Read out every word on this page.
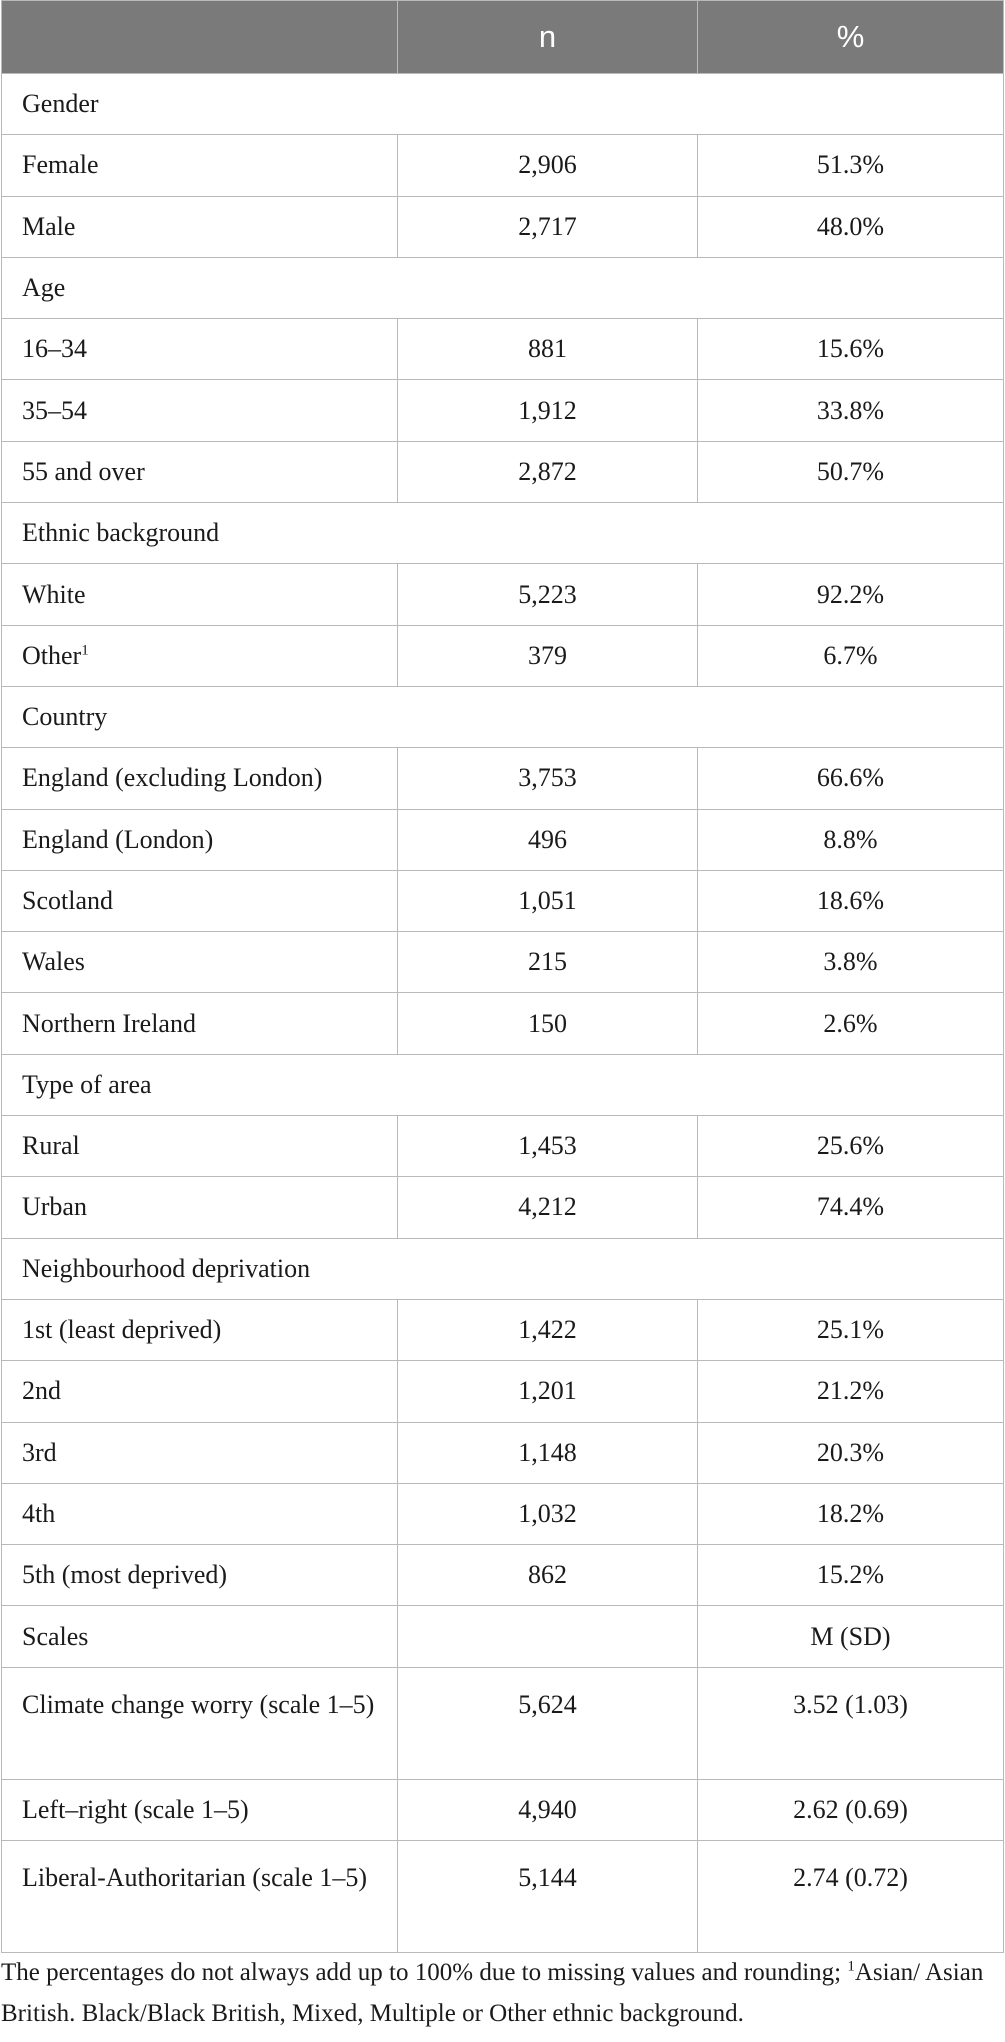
	n	%
Gender		
Female	2,906	51.3%
Male	2,717	48.0%
Age		
16–34	881	15.6%
35–54	1,912	33.8%
55 and over	2,872	50.7%
Ethnic background		
White	5,223	92.2%
Other$^1$	379	6.7%
Country		
England (excluding London)	3,753	66.6%
England (London)	496	8.8%
Scotland	1,051	18.6%
Wales	215	3.8%
Northern Ireland	150	2.6%
Type of area		
Rural	1,453	25.6%
Urban	4,212	74.4%
Neighbourhood deprivation		
1st (least deprived)	1,422	25.1%
2nd	1,201	21.2%
3rd	1,148	20.3%
4th	1,032	18.2%
5th (most deprived)	862	15.2%
Scales		M (SD)
Climate change worry (scale 1–5)	5,624	3.52 (1.03)
Left–right (scale 1–5)	4,940	2.62 (0.69)
Liberal-Authoritarian (scale 1–5)	5,144	2.74 (0.72)

The percentages do not always add up to 100% due to missing values and rounding; $^1$Asian/ Asian British. Black/Black British, Mixed, Multiple or Other ethnic background.
